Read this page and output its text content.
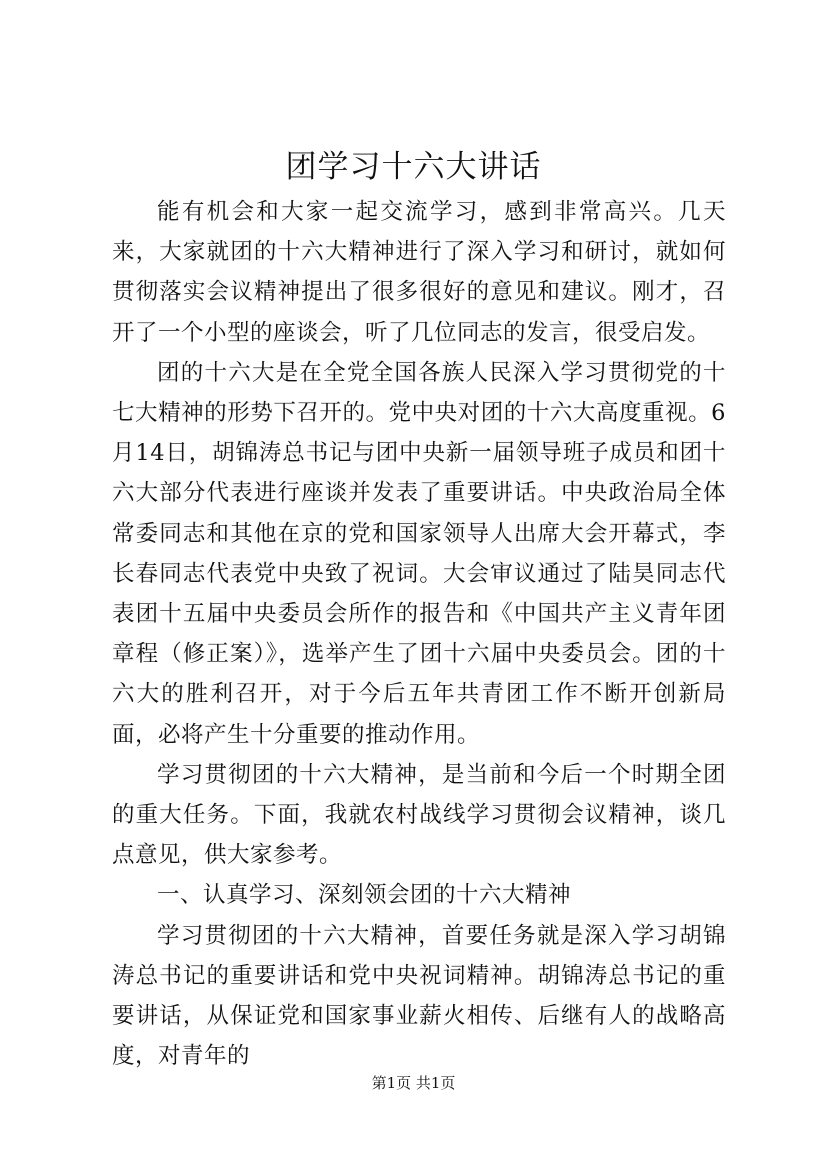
团学习十六大讲话

能有机会和大家一起交流学习，感到非常高兴。几天来，大家就团的十六大精神进行了深入学习和研讨，就如何贯彻落实会议精神提出了很多很好的意见和建议。刚才，召开了一个小型的座谈会，听了几位同志的发言，很受启发。

团的十六大是在全党全国各族人民深入学习贯彻党的十七大精神的形势下召开的。党中央对团的十六大高度重视。6月14日，胡锦涛总书记与团中央新一届领导班子成员和团十六大部分代表进行座谈并发表了重要讲话。中央政治局全体常委同志和其他在京的党和国家领导人出席大会开幕式，李长春同志代表党中央致了祝词。大会审议通过了陆昊同志代表团十五届中央委员会所作的报告和《中国共产主义青年团章程（修正案）》，选举产生了团十六届中央委员会。团的十六大的胜利召开，对于今后五年共青团工作不断开创新局面，必将产生十分重要的推动作用。

学习贯彻团的十六大精神，是当前和今后一个时期全团的重大任务。下面，我就农村战线学习贯彻会议精神，谈几点意见，供大家参考。

一、认真学习、深刻领会团的十六大精神

学习贯彻团的十六大精神，首要任务就是深入学习胡锦涛总书记的重要讲话和党中央祝词精神。胡锦涛总书记的重要讲话，从保证党和国家事业薪火相传、后继有人的战略高度，对青年的

第1页 共1页
